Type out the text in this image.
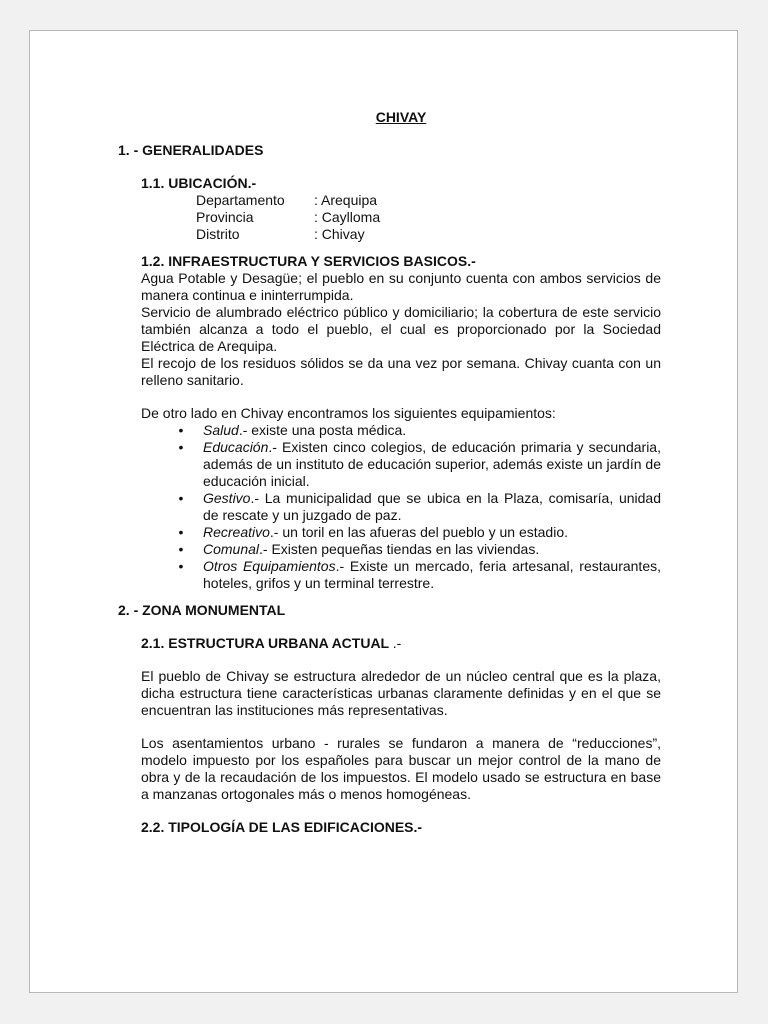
CHIVAY
1. - GENERALIDADES
1.1. UBICACIÓN.-
Departamento	: Arequipa
Provincia	: Caylloma
Distrito	: Chivay
1.2. INFRAESTRUCTURA Y SERVICIOS BASICOS.-

Agua Potable y Desagüe; el pueblo en su conjunto cuenta con ambos servicios de manera continua e ininterrumpida.

Servicio de alumbrado eléctrico público y domiciliario; la cobertura de este servicio también alcanza a todo el pueblo, el cual es proporcionado por la Sociedad Eléctrica de Arequipa.

El recojo de los residuos sólidos se da una vez por semana. Chivay cuanta con un relleno sanitario.

De otro lado en Chivay encontramos los siguientes equipamientos:

• Salud.- existe una posta médica.
• Educación.- Existen cinco colegios, de educación primaria y secundaria, además de un instituto de educación superior, además existe un jardín de educación inicial.
• Gestivo.- La municipalidad que se ubica en la Plaza, comisaría, unidad de rescate y un juzgado de paz.
• Recreativo.- un toril en las afueras del pueblo y un estadio.
• Comunal.- Existen pequeñas tiendas en las viviendas.
• Otros Equipamientos.- Existe un mercado, feria artesanal, restaurantes, hoteles, grifos y un terminal terrestre.
2. - ZONA MONUMENTAL
2.1. ESTRUCTURA URBANA ACTUAL .-

El pueblo de Chivay se estructura alrededor de un núcleo central que es la plaza, dicha estructura tiene características urbanas claramente definidas y en el que se encuentran las instituciones más representativas.

Los asentamientos urbano - rurales se fundaron a manera de “reducciones”, modelo impuesto por los españoles para buscar un mejor control de la mano de obra y de la recaudación de los impuestos. El modelo usado se estructura en base a manzanas ortogonales más o menos homogéneas.

2.2. TIPOLOGÍA DE LAS EDIFICACIONES.-
